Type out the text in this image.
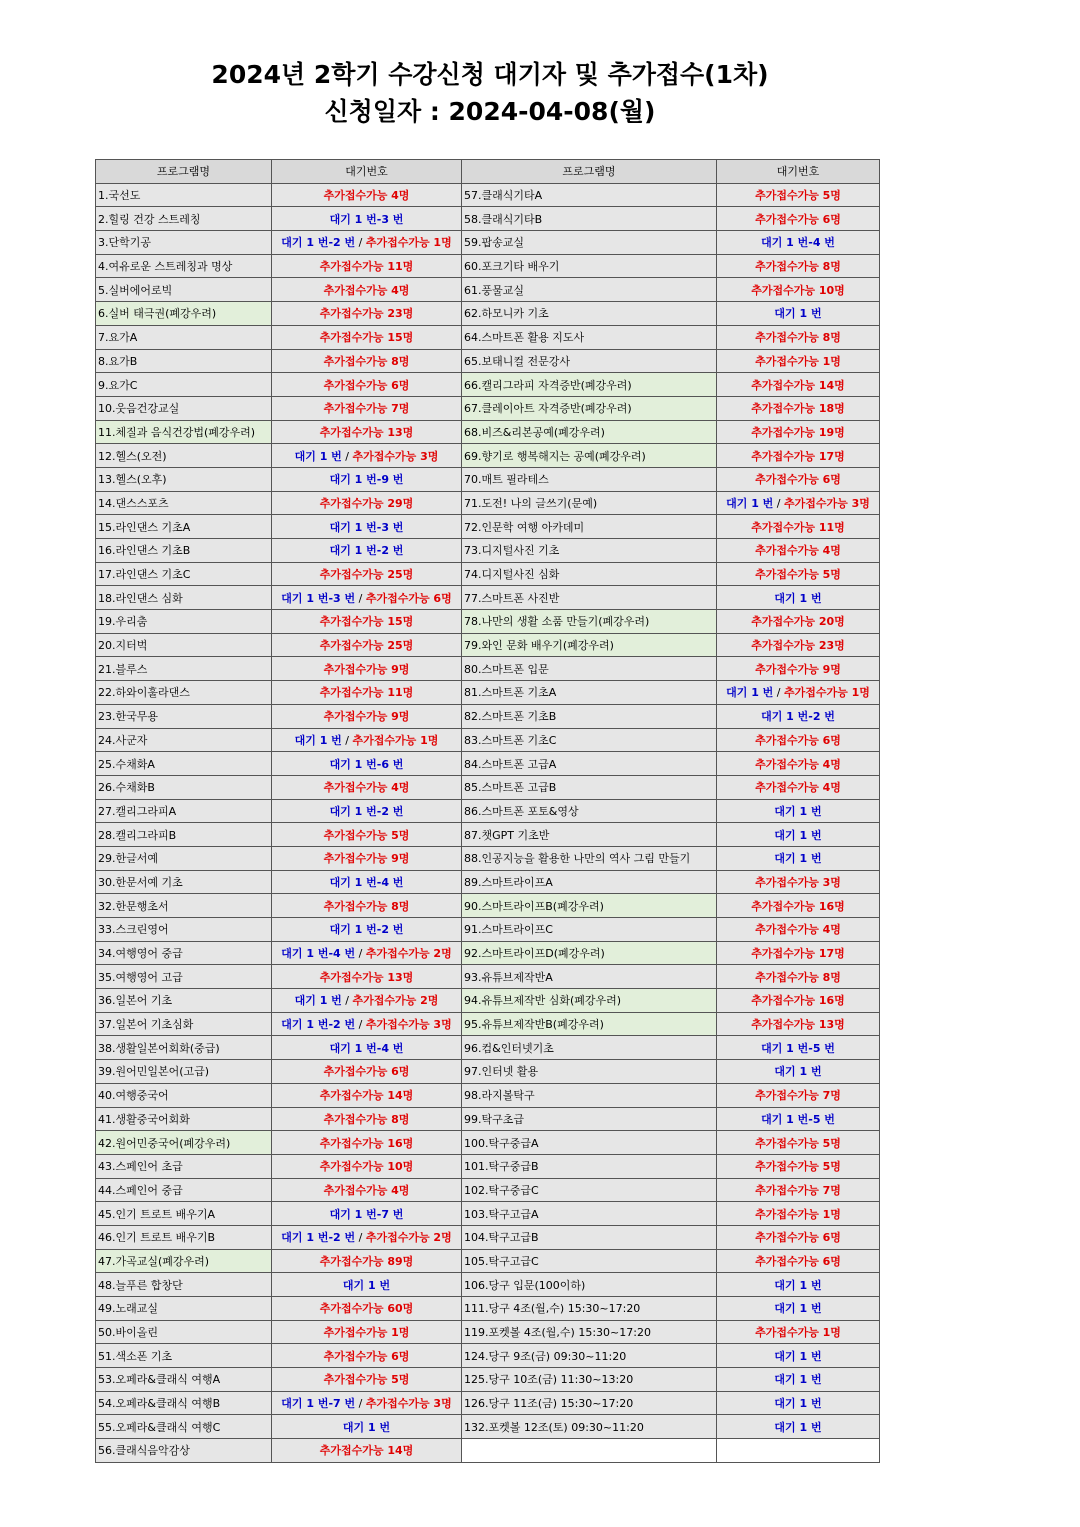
2024년 2학기 수강신청 대기자 및 추가접수(1차)
신청일자 : 2024-04-08(월)
프로그램명	대기번호	프로그램명	대기번호
1.국선도	추가접수가능 4명	57.클래식기타A	추가접수가능 5명
2.힐링 건강 스트레칭	대기 1 번-3 번	58.클래식기타B	추가접수가능 6명
3.단학기공	대기 1 번-2 번 / 추가접수가능 1명	59.팝송교실	대기 1 번-4 번
4.여유로운 스트레칭과 명상	추가접수가능 11명	60.포크기타 배우기	추가접수가능 8명
5.실버에어로빅	추가접수가능 4명	61.풍물교실	추가접수가능 10명
6.실버 태극권(폐강우려)	추가접수가능 23명	62.하모니카 기초	대기 1 번
7.요가A	추가접수가능 15명	64.스마트폰 활용 지도사	추가접수가능 8명
8.요가B	추가접수가능 8명	65.보태니컬 전문강사	추가접수가능 1명
9.요가C	추가접수가능 6명	66.캘리그라피 자격증반(폐강우려)	추가접수가능 14명
10.웃음건강교실	추가접수가능 7명	67.클레이아트 자격증반(폐강우려)	추가접수가능 18명
11.체질과 음식건강법(폐강우려)	추가접수가능 13명	68.비즈&리본공예(폐강우려)	추가접수가능 19명
12.헬스(오전)	대기 1 번 / 추가접수가능 3명	69.향기로 행복해지는 공예(폐강우려)	추가접수가능 17명
13.헬스(오후)	대기 1 번-9 번	70.매트 필라테스	추가접수가능 6명
14.댄스스포츠	추가접수가능 29명	71.도전! 나의 글쓰기(문예)	대기 1 번 / 추가접수가능 3명
15.라인댄스 기초A	대기 1 번-3 번	72.인문학 여행 아카데미	추가접수가능 11명
16.라인댄스 기초B	대기 1 번-2 번	73.디지털사진 기초	추가접수가능 4명
17.라인댄스 기초C	추가접수가능 25명	74.디지털사진 심화	추가접수가능 5명
18.라인댄스 심화	대기 1 번-3 번 / 추가접수가능 6명	77.스마트폰 사진반	대기 1 번
19.우리춤	추가접수가능 15명	78.나만의 생활 소품 만들기(폐강우려)	추가접수가능 20명
20.지터벅	추가접수가능 25명	79.와인 문화 배우기(폐강우려)	추가접수가능 23명
21.블루스	추가접수가능 9명	80.스마트폰 입문	추가접수가능 9명
22.하와이훌라댄스	추가접수가능 11명	81.스마트폰 기초A	대기 1 번 / 추가접수가능 1명
23.한국무용	추가접수가능 9명	82.스마트폰 기초B	대기 1 번-2 번
24.사군자	대기 1 번 / 추가접수가능 1명	83.스마트폰 기초C	추가접수가능 6명
25.수채화A	대기 1 번-6 번	84.스마트폰 고급A	추가접수가능 4명
26.수채화B	추가접수가능 4명	85.스마트폰 고급B	추가접수가능 4명
27.캘리그라피A	대기 1 번-2 번	86.스마트폰 포토&영상	대기 1 번
28.캘리그라피B	추가접수가능 5명	87.챗GPT 기초반	대기 1 번
29.한글서예	추가접수가능 9명	88.인공지능을 활용한 나만의 역사 그림 만들기	대기 1 번
30.한문서예 기초	대기 1 번-4 번	89.스마트라이프A	추가접수가능 3명
32.한문행초서	추가접수가능 8명	90.스마트라이프B(폐강우려)	추가접수가능 16명
33.스크린영어	대기 1 번-2 번	91.스마트라이프C	추가접수가능 4명
34.여행영어 중급	대기 1 번-4 번 / 추가접수가능 2명	92.스마트라이프D(폐강우려)	추가접수가능 17명
35.여행영어 고급	추가접수가능 13명	93.유튜브제작반A	추가접수가능 8명
36.일본어 기초	대기 1 번 / 추가접수가능 2명	94.유튜브제작반 심화(폐강우려)	추가접수가능 16명
37.일본어 기초심화	대기 1 번-2 번 / 추가접수가능 3명	95.유튜브제작반B(폐강우려)	추가접수가능 13명
38.생활일본어회화(중급)	대기 1 번-4 번	96.컴&인터넷기초	대기 1 번-5 번
39.원어민일본어(고급)	추가접수가능 6명	97.인터넷 활용	대기 1 번
40.여행중국어	추가접수가능 14명	98.라지볼탁구	추가접수가능 7명
41.생활중국어회화	추가접수가능 8명	99.탁구초급	대기 1 번-5 번
42.원어민중국어(폐강우려)	추가접수가능 16명	100.탁구중급A	추가접수가능 5명
43.스페인어 초급	추가접수가능 10명	101.탁구중급B	추가접수가능 5명
44.스페인어 중급	추가접수가능 4명	102.탁구중급C	추가접수가능 7명
45.인기 트로트 배우기A	대기 1 번-7 번	103.탁구고급A	추가접수가능 1명
46.인기 트로트 배우기B	대기 1 번-2 번 / 추가접수가능 2명	104.탁구고급B	추가접수가능 6명
47.가곡교실(폐강우려)	추가접수가능 89명	105.탁구고급C	추가접수가능 6명
48.늘푸른 합창단	대기 1 번	106.당구 입문(100이하)	대기 1 번
49.노래교실	추가접수가능 60명	111.당구 4조(월,수) 15:30~17:20	대기 1 번
50.바이올린	추가접수가능 1명	119.포켓볼 4조(월,수) 15:30~17:20	추가접수가능 1명
51.색소폰 기초	추가접수가능 6명	124.당구 9조(금) 09:30~11:20	대기 1 번
53.오페라&클래식 여행A	추가접수가능 5명	125.당구 10조(금) 11:30~13:20	대기 1 번
54.오페라&클래식 여행B	대기 1 번-7 번 / 추가접수가능 3명	126.당구 11조(금) 15:30~17:20	대기 1 번
55.오페라&클래식 여행C	대기 1 번	132.포켓볼 12조(토) 09:30~11:20	대기 1 번
56.클래식음악감상	추가접수가능 14명		
